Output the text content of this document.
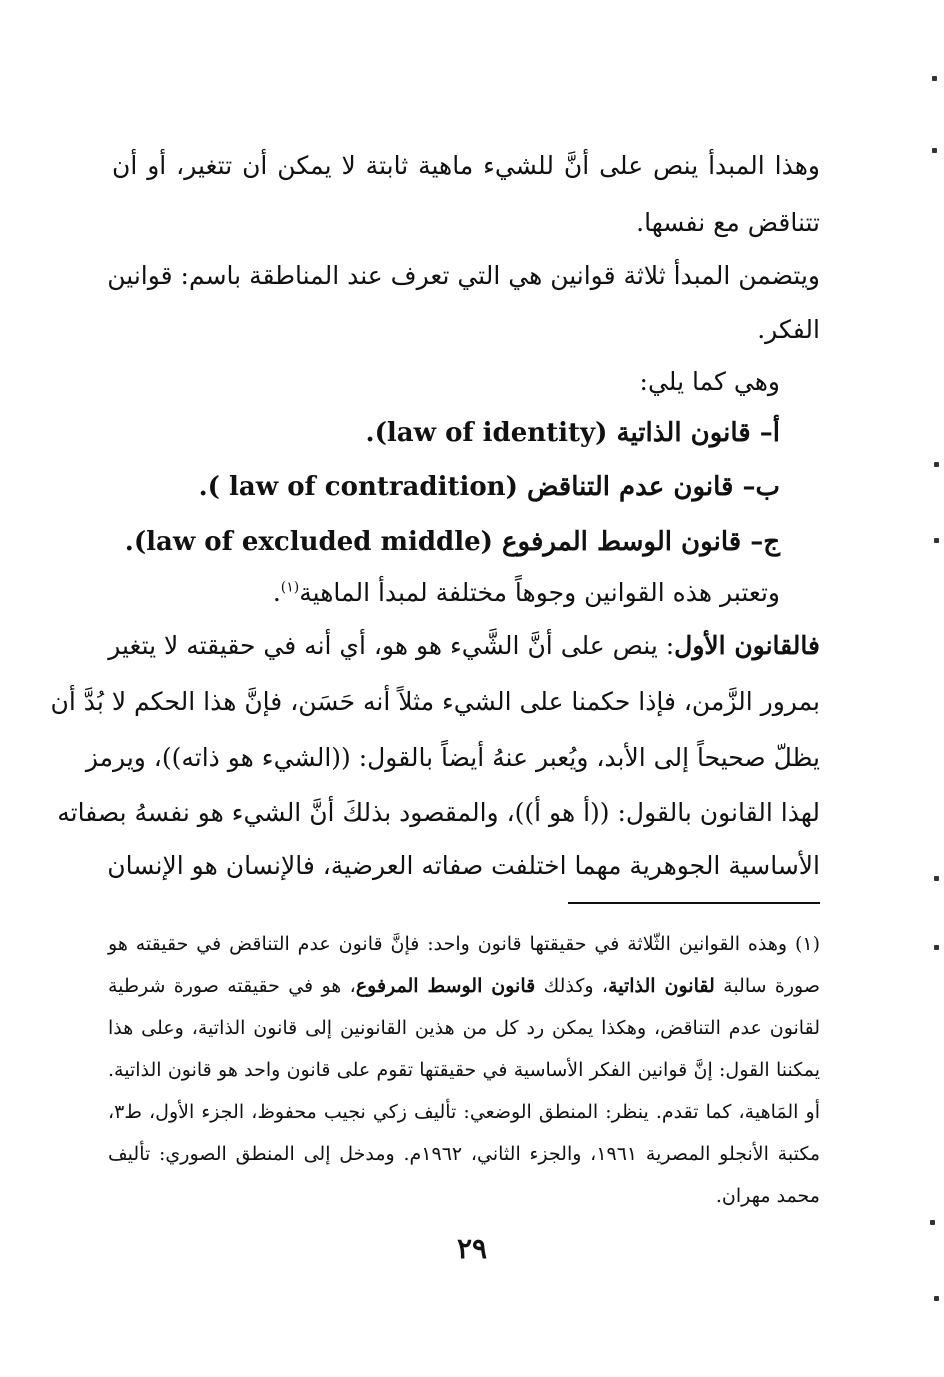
وهذا المبدأ ينص على أنَّ للشيء ماهية ثابتة لا يمكن أن تتغير، أو أن
تتناقض مع نفسها.
ويتضمن المبدأ ثلاثة قوانين هي التي تعرف عند المناطقة باسم: قوانين
الفكر.
وهي كما يلي:
أ– قانون الذاتية (law of identity).
ب– قانون عدم التناقض (law of contradition ).
ج– قانون الوسط المرفوع (law of excluded middle).
وتعتبر هذه القوانين وجوهاً مختلفة لمبدأ الماهية$^{(١)}$.
فالقانون الأول: ينص على أنَّ الشَّيء هو هو، أي أنه في حقيقته لا يتغير
بمرور الزَّمن، فإذا حكمنا على الشيء مثلاً أنه حَسَن، فإنَّ هذا الحكم لا بُدَّ أن
يظلّ صحيحاً إلى الأبد، ويُعبر عنهُ أيضاً بالقول: ((الشيء هو ذاته))، ويرمز
لهذا القانون بالقول: ((أ هو أ))، والمقصود بذلكَ أنَّ الشيء هو نفسهُ بصفاته
الأساسية الجوهرية مهما اختلفت صفاته العرضية، فالإنسان هو الإنسان
(١) وهذه القوانين الثّلاثة في حقيقتها قانون واحد: فإنَّ قانون عدم التناقض في حقيقته هو
صورة سالبة لقانون الذاتية، وكذلك قانون الوسط المرفوع، هو في حقيقته صورة شرطية
لقانون عدم التناقض، وهكذا يمكن رد كل من هذين القانونين إلى قانون الذاتية، وعلى هذا
يمكننا القول: إنَّ قوانين الفكر الأساسية في حقيقتها تقوم على قانون واحد هو قانون الذاتية.
أو المَاهية، كما تقدم. ينظر: المنطق الوضعي: تأليف زكي نجيب محفوظ، الجزء الأول، ط٣،
مكتبة الأنجلو المصرية ١٩٦١، والجزء الثاني، ١٩٦٢م. ومدخل إلى المنطق الصوري: تأليف
محمد مهران.
٢٩
